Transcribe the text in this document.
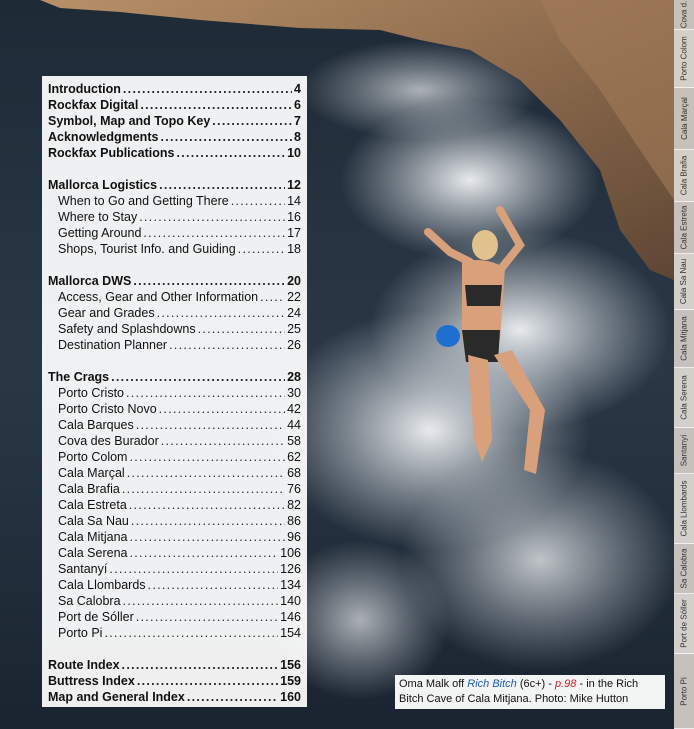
Introduction .....	4
Rockfax Digital .....	6
Symbol, Map and Topo Key .....	7
Acknowledgments .....	8
Rockfax Publications .....	10
Mallorca Logistics .....	12
When to Go and Getting There .....	14
Where to Stay .....	16
Getting Around .....	17
Shops, Tourist Info. and Guiding .....	18
Mallorca DWS .....	20
Access, Gear and Other Information ..... 22
Gear and Grades .....	24
Safety and Splashdowns .....	25
Destination Planner .....	26
The Crags .....	28
Porto Cristo .....	30
Porto Cristo Novo .....	42
Cala Barques .....	44
Cova des Burador .....	58
Porto Colom .....	62
Cala Marçal .....	68
Cala Brafia .....	76
Cala Estreta .....	82
Cala Sa Nau .....	86
Cala Mitjana .....	96
Cala Serena .....	106
Santanyí .....	126
Cala Llombards .....	134
Sa Calobra .....	140
Port de Sóller .....	146
Porto Pi .....	154
Route Index .....	156
Buttress Index .....	159
Map and General Index .....	160
Cova d.
Porto Colom
Cala Marçal
Cala Brafia
Cala Estreta
Cala Sa Nau
Cala Mitjana
Cala Serena
Santanyí
Cala Llombards
Sa Calobra
Port de Sóller
Porto Pi
Oma Malk off Rich Bitch (6c+) - p.98 - in the Rich Bitch Cave of Cala Mitjana. Photo: Mike Hutton
